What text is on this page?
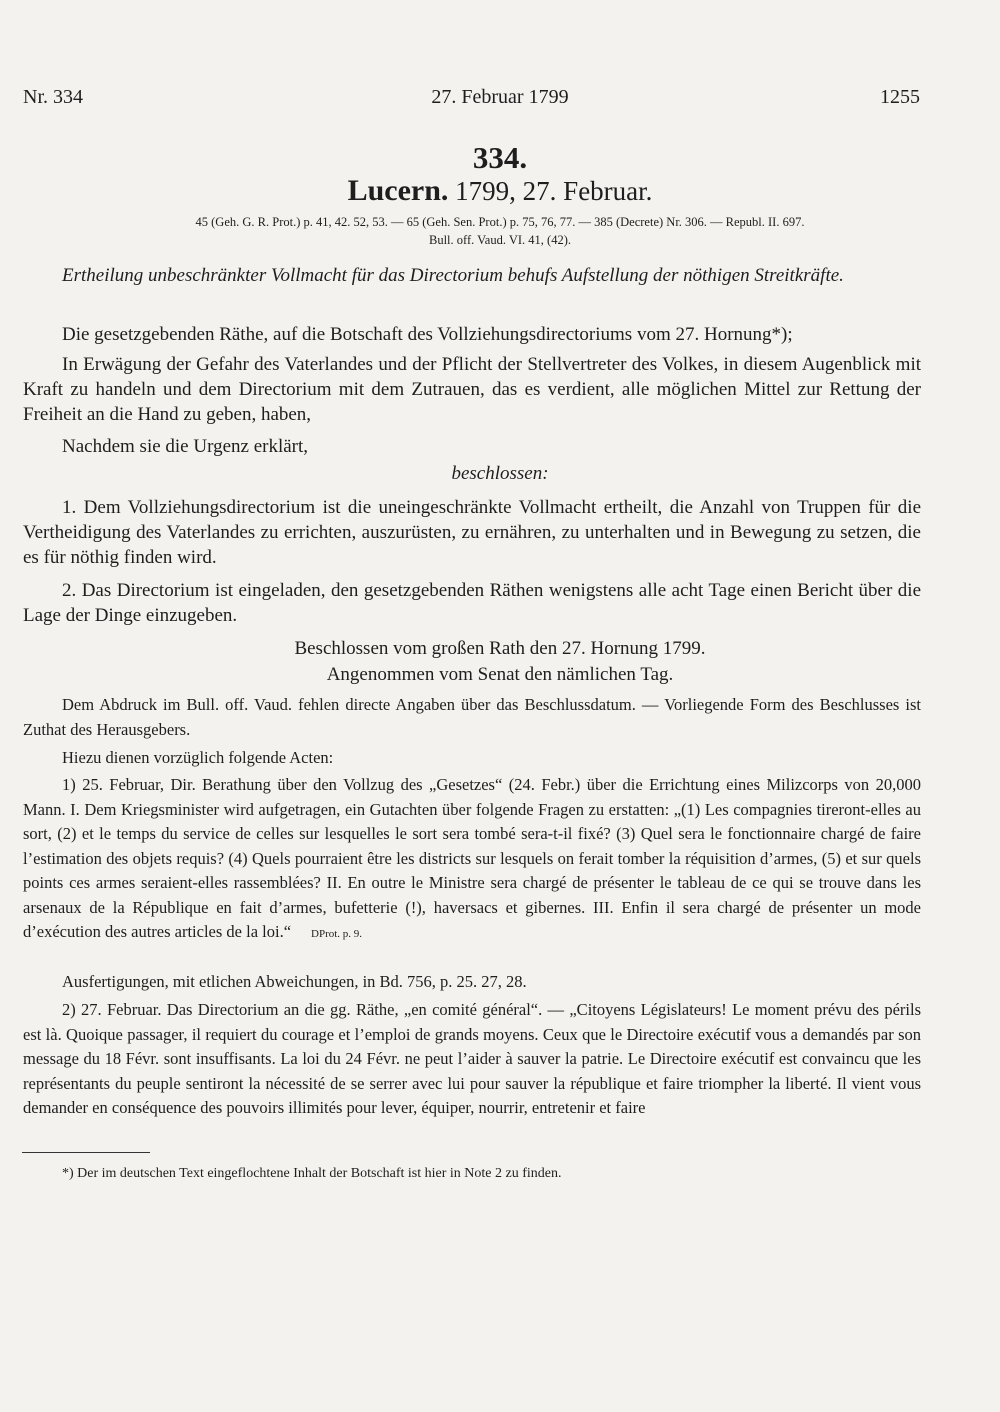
Nr. 334	27. Februar 1799	1255
334.
Lucern. 1799, 27. Februar.
45 (Geh. G. R. Prot.) p. 41, 42. 52, 53. — 65 (Geh. Sen. Prot.) p. 75, 76, 77. — 385 (Decrete) Nr. 306. — Republ. II. 697.
Bull. off. Vaud. VI. 41, (42).
Ertheilung unbeschränkter Vollmacht für das Directorium behufs Aufstellung der nöthigen Streitkräfte.
Die gesetzgebenden Räthe, auf die Botschaft des Vollziehungsdirectoriums vom 27. Hornung*);
In Erwägung der Gefahr des Vaterlandes und der Pflicht der Stellvertreter des Volkes, in diesem Augenblick mit Kraft zu handeln und dem Directorium mit dem Zutrauen, das es verdient, alle möglichen Mittel zur Rettung der Freiheit an die Hand zu geben, haben,
Nachdem sie die Urgenz erklärt,
beschlossen:
1. Dem Vollziehungsdirectorium ist die uneingeschränkte Vollmacht ertheilt, die Anzahl von Truppen für die Vertheidigung des Vaterlandes zu errichten, auszurüsten, zu ernähren, zu unterhalten und in Bewegung zu setzen, die es für nöthig finden wird.
2. Das Directorium ist eingeladen, den gesetzgebenden Räthen wenigstens alle acht Tage einen Bericht über die Lage der Dinge einzugeben.
Beschlossen vom großen Rath den 27. Hornung 1799.
Angenommen vom Senat den nämlichen Tag.
Dem Abdruck im Bull. off. Vaud. fehlen directe Angaben über das Beschlussdatum. — Vorliegende Form des Beschlusses ist Zuthat des Herausgebers.
Hiezu dienen vorzüglich folgende Acten:
1) 25. Februar, Dir. Berathung über den Vollzug des „Gesetzes“ (24. Febr.) über die Errichtung eines Milizcorps von 20,000 Mann. I. Dem Kriegsminister wird aufgetragen, ein Gutachten über folgende Fragen zu erstatten: „(1) Les compagnies tireront-elles au sort, (2) et le temps du service de celles sur lesquelles le sort sera tombé sera-t-il fixé? (3) Quel sera le fonctionnaire chargé de faire l’estimation des objets requis? (4) Quels pourraient être les districts sur lesquels on ferait tomber la réquisition d’armes, (5) et sur quels points ces armes seraient-elles rassemblées? II. En outre le Ministre sera chargé de présenter le tableau de ce qui se trouve dans les arsenaux de la République en fait d’armes, bufetterie (!), haversacs et gibernes. III. Enfin il sera chargé de présenter un mode d’exécution des autres articles de la loi.“ DProt. p. 9.
Ausfertigungen, mit etlichen Abweichungen, in Bd. 756, p. 25. 27, 28.
2) 27. Februar. Das Directorium an die gg. Räthe, „en comité général“. — „Citoyens Législateurs! Le moment prévu des périls est là. Quoique passager, il requiert du courage et l’emploi de grands moyens. Ceux que le Directoire exécutif vous a demandés par son message du 18 Févr. sont insuffisants. La loi du 24 Févr. ne peut l’aider à sauver la patrie. Le Directoire exécutif est convaincu que les représentants du peuple sentiront la nécessité de se serrer avec lui pour sauver la république et faire triompher la liberté. Il vient vous demander en conséquence des pouvoirs illimités pour lever, équiper, nourrir, entretenir et faire
*) Der im deutschen Text eingeflochtene Inhalt der Botschaft ist hier in Note 2 zu finden.
